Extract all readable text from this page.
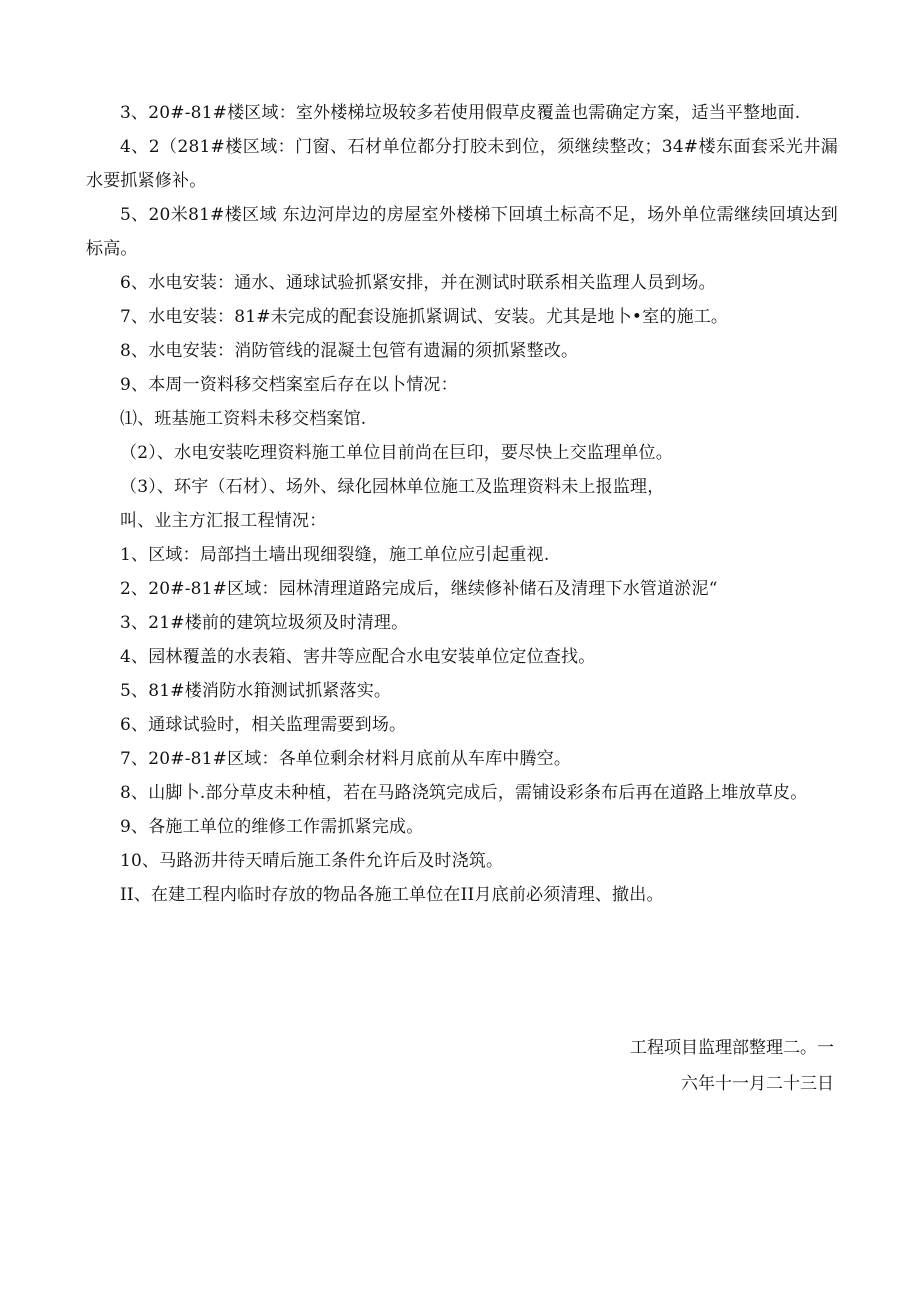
3、20#-81#楼区域：室外楼梯垃圾较多若使用假草皮覆盖也需确定方案，适当平整地面.

4、2（281#楼区域：门窗、石材单位都分打胶未到位，须继续整改；34#楼东面套采光井漏水要抓紧修补。

5、20米81#楼区域 东边河岸边的房屋室外楼梯下回填土标高不足，场外单位需继续回填达到标高。

6、水电安装：通水、通球试验抓紧安排，并在测试时联系相关监理人员到场。

7、水电安装：81#未完成的配套设施抓紧调试、安装。尤其是地卜•室的施工。

8、水电安装：消防管线的混凝土包管有遗漏的须抓紧整改。

9、本周一资料移交档案室后存在以卜情况：

⑴、班基施工资料未移交档案馆.

（2）、水电安装吃理资料施工单位目前尚在巨印，要尽快上交监理单位。

（3）、环宇（石材）、场外、绿化园林单位施工及监理资料未上报监理，

叫、业主方汇报工程情况：

1、区域：局部挡土墙出现细裂缝，施工单位应引起重视.

2、20#-81#区域：园林清理道路完成后，继续修补储石及清理下水管道淤泥“

3、21#楼前的建筑垃圾须及时清理。

4、园林覆盖的水表箱、害井等应配合水电安装单位定位查找。

5、81#楼消防水箝测试抓紧落实。

6、通球试验时，相关监理需要到场。

7、20#-81#区域：各单位剩余材料月底前从车库中腾空。

8、山脚卜.部分草皮未种植，若在马路浇筑完成后，需铺设彩条布后再在道路上堆放草皮。

9、各施工单位的维修工作需抓紧完成。

10、马路沥井待天晴后施工条件允许后及时浇筑。

II、在建工程内临时存放的物品各施工单位在II月底前必须清理、撤出。

工程项目监理部整理二。一
六年十一月二十三日
